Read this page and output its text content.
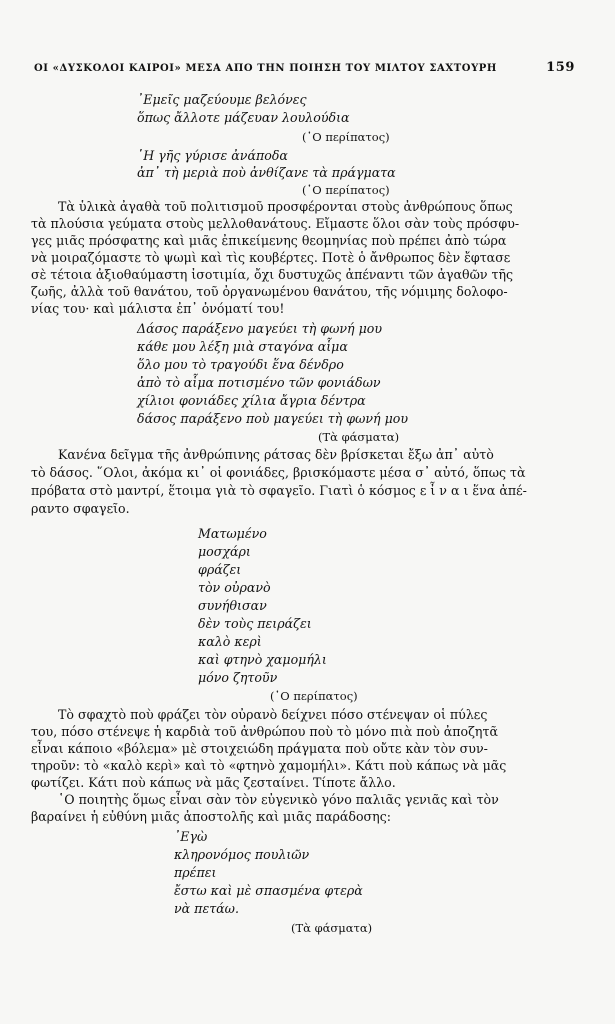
ΟΙ «ΔΥΣΚΟΛΟΙ ΚΑΙΡΟΙ» ΜΕΣΑ ΑΠΟ ΤΗΝ ΠΟΙΗΣΗ ΤΟΥ ΜΙΛΤΟΥ ΣΑΧΤΟΥΡΗ	159
᾿Εμεῖς μαζεύουμε βελόνες
ὅπως ἄλλοτε μάζευαν λουλούδια
(῾Ο περίπατος)
῾Η γῆς γύρισε ἀνάποδα
ἀπ᾿ τὴ μεριὰ ποὺ ἀνθίζανε τὰ πράγματα
(῾Ο περίπατος)
Τὰ ὑλικὰ ἀγαθὰ τοῦ πολιτισμοῦ προσφέρονται στοὺς ἀνθρώπους ὅπως
τὰ πλούσια γεύματα στοὺς μελλοθανάτους. Εἴμαστε ὅλοι σὰν τοὺς πρόσφυ-
γες μιᾶς πρόσφατης καὶ μιᾶς ἐπικείμενης θεομηνίας ποὺ πρέπει ἀπὸ τώρα
νὰ μοιραζόμαστε τὸ ψωμὶ καὶ τὶς κουβέρτες. Ποτὲ ὁ ἄνθρωπος δὲν ἔφτασε
σὲ τέτοια ἀξιοθαύμαστη ἰσοτιμία, ὄχι δυστυχῶς ἀπέναντι τῶν ἀγαθῶν τῆς
ζωῆς, ἀλλὰ τοῦ θανάτου, τοῦ ὀργανωμένου θανάτου, τῆς νόμιμης δολοφο-
νίας του· καὶ μάλιστα ἐπ᾿ ὀνόματί του!
Δάσος παράξενο μαγεύει τὴ φωνή μου
κάθε μου λέξη μιὰ σταγόνα αἷμα
ὅλο μου τὸ τραγούδι ἕνα δένδρο
ἀπὸ τὸ αἷμα ποτισμένο τῶν φονιάδων
χίλιοι φονιάδες χίλια ἄγρια δέντρα
δάσος παράξενο ποὺ μαγεύει τὴ φωνή μου
(Τὰ φάσματα)
Κανένα δεῖγμα τῆς ἀνθρώπινης ράτσας δὲν βρίσκεται ἔξω ἀπ᾿ αὐτὸ
τὸ δάσος. ῞Ολοι, ἀκόμα κι᾿ οἱ φονιάδες, βρισκόμαστε μέσα σ᾿ αὐτό, ὅπως τὰ
πρόβατα στὸ μαντρί, ἕτοιμα γιὰ τὸ σφαγεῖο. Γιατὶ ὁ κόσμος ε ἶ ν α ι ἕνα ἀπέ-
ραντο σφαγεῖο.
Ματωμένο
μοσχάρι
φράζει
τὸν οὐρανὸ
συνήθισαν
δὲν τοὺς πειράζει
καλὸ κερὶ
καὶ φτηνὸ χαμομήλι
μόνο ζητοῦν
(῾Ο περίπατος)
Τὸ σφαχτὸ ποὺ φράζει τὸν οὐρανὸ δείχνει πόσο στένεψαν οἱ πύλες
του, πόσο στένεψε ἡ καρδιὰ τοῦ ἀνθρώπου ποὺ τὸ μόνο πιὰ ποὺ ἀποζητᾶ
εἶναι κάποιο «βόλεμα» μὲ στοιχειώδη πράγματα ποὺ οὔτε κὰν τὸν συν-
τηροῦν: τὸ «καλὸ κερὶ» καὶ τὸ «φτηνὸ χαμομήλι». Κάτι ποὺ κάπως νὰ μᾶς
φωτίζει. Κάτι ποὺ κάπως νὰ μᾶς ζεσταίνει. Τίποτε ἄλλο.
῾Ο ποιητὴς ὅμως εἶναι σὰν τὸν εὐγενικὸ γόνο παλιᾶς γενιᾶς καὶ τὸν
βαραίνει ἡ εὐθύνη μιᾶς ἀποστολῆς καὶ μιᾶς παράδοσης:
᾿Εγὼ
κληρονόμος πουλιῶν
πρέπει
ἔστω καὶ μὲ σπασμένα φτερὰ
νὰ πετάω.
(Τὰ φάσματα)
